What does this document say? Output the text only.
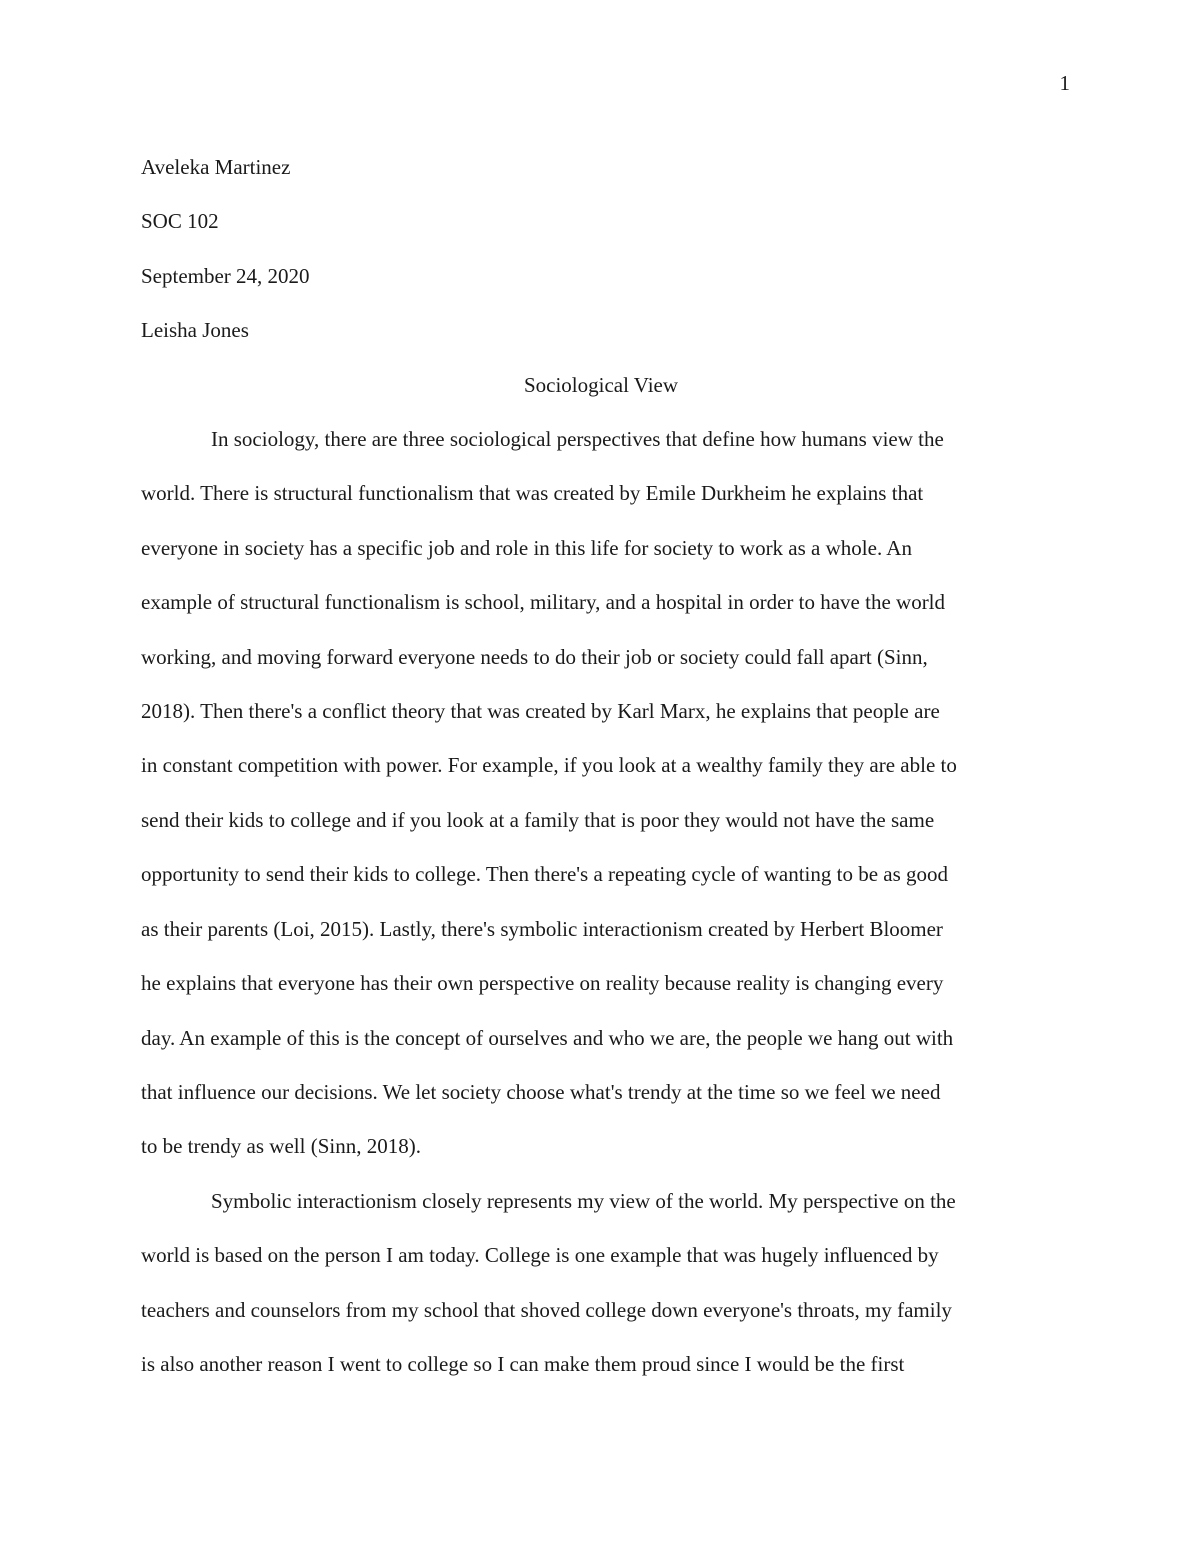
1

Aveleka Martinez

SOC 102

September 24, 2020

Leisha Jones

Sociological View

In sociology, there are three sociological perspectives that define how humans view the
world. There is structural functionalism that was created by Emile Durkheim he explains that
everyone in society has a specific job and role in this life for society to work as a whole. An
example of structural functionalism is school, military, and a hospital in order to have the world
working, and moving forward everyone needs to do their job or society could fall apart (Sinn,
2018). Then there's a conflict theory that was created by Karl Marx, he explains that people are
in constant competition with power. For example, if you look at a wealthy family they are able to
send their kids to college and if you look at a family that is poor they would not have the same
opportunity to send their kids to college. Then there's a repeating cycle of wanting to be as good
as their parents (Loi, 2015). Lastly, there's symbolic interactionism created by Herbert Bloomer
he explains that everyone has their own perspective on reality because reality is changing every
day. An example of this is the concept of ourselves and who we are, the people we hang out with
that influence our decisions. We let society choose what's trendy at the time so we feel we need
to be trendy as well (Sinn, 2018).

Symbolic interactionism closely represents my view of the world. My perspective on the
world is based on the person I am today. College is one example that was hugely influenced by
teachers and counselors from my school that shoved college down everyone's throats, my family
is also another reason I went to college so I can make them proud since I would be the first
